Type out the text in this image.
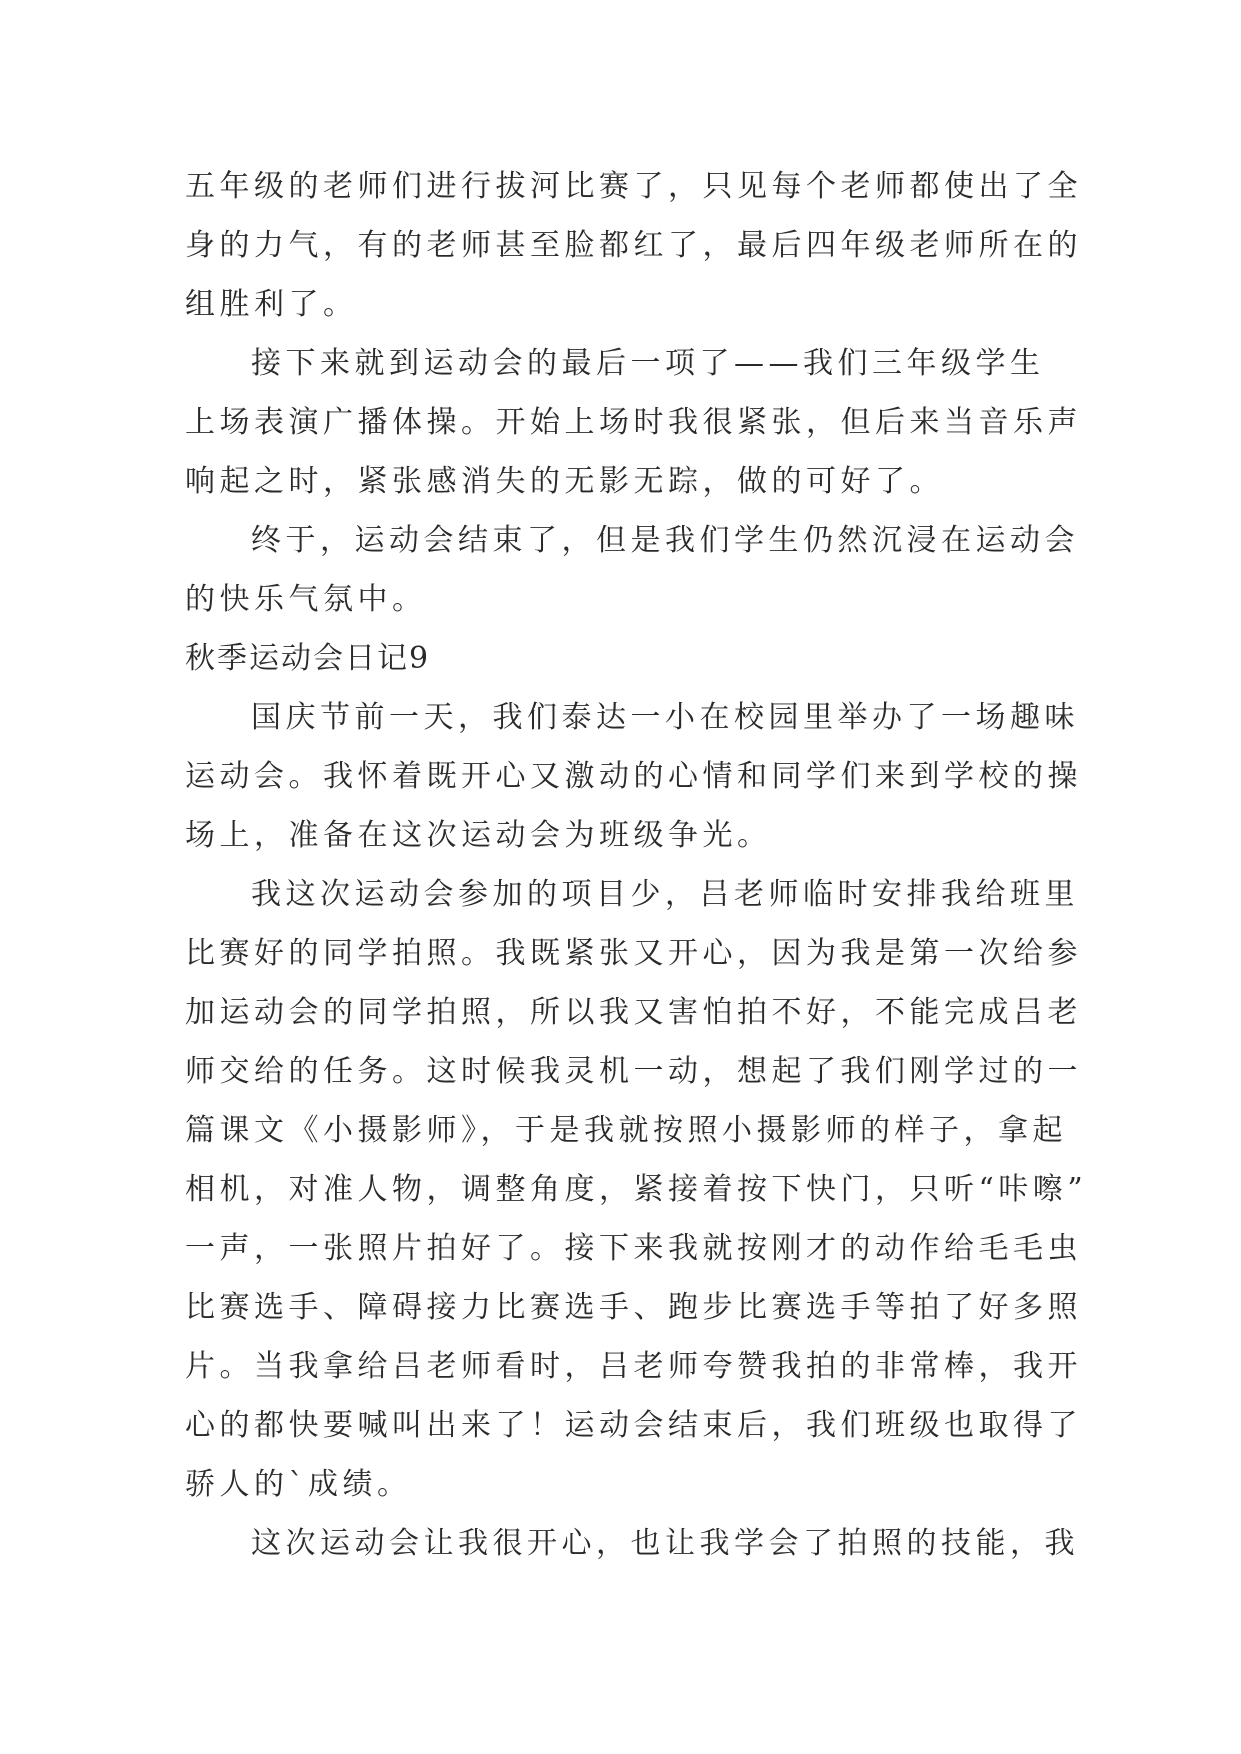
五年级的老师们进行拔河比赛了，只见每个老师都使出了全
身的力气，有的老师甚至脸都红了，最后四年级老师所在的
组胜利了。
接下来就到运动会的最后一项了——我们三年级学生
上场表演广播体操。开始上场时我很紧张，但后来当音乐声
响起之时，紧张感消失的无影无踪，做的可好了。
终于，运动会结束了，但是我们学生仍然沉浸在运动会
的快乐气氛中。
秋季运动会日记9
国庆节前一天，我们泰达一小在校园里举办了一场趣味
运动会。我怀着既开心又激动的心情和同学们来到学校的操
场上，准备在这次运动会为班级争光。
我这次运动会参加的项目少，吕老师临时安排我给班里
比赛好的同学拍照。我既紧张又开心，因为我是第一次给参
加运动会的同学拍照，所以我又害怕拍不好，不能完成吕老
师交给的任务。这时候我灵机一动，想起了我们刚学过的一
篇课文《小摄影师》，于是我就按照小摄影师的样子，拿起
相机，对准人物，调整角度，紧接着按下快门，只听“咔嚓”
一声，一张照片拍好了。接下来我就按刚才的动作给毛毛虫
比赛选手、障碍接力比赛选手、跑步比赛选手等拍了好多照
片。当我拿给吕老师看时，吕老师夸赞我拍的非常棒，我开
心的都快要喊叫出来了！运动会结束后，我们班级也取得了
骄人的`成绩。
这次运动会让我很开心，也让我学会了拍照的技能，我
